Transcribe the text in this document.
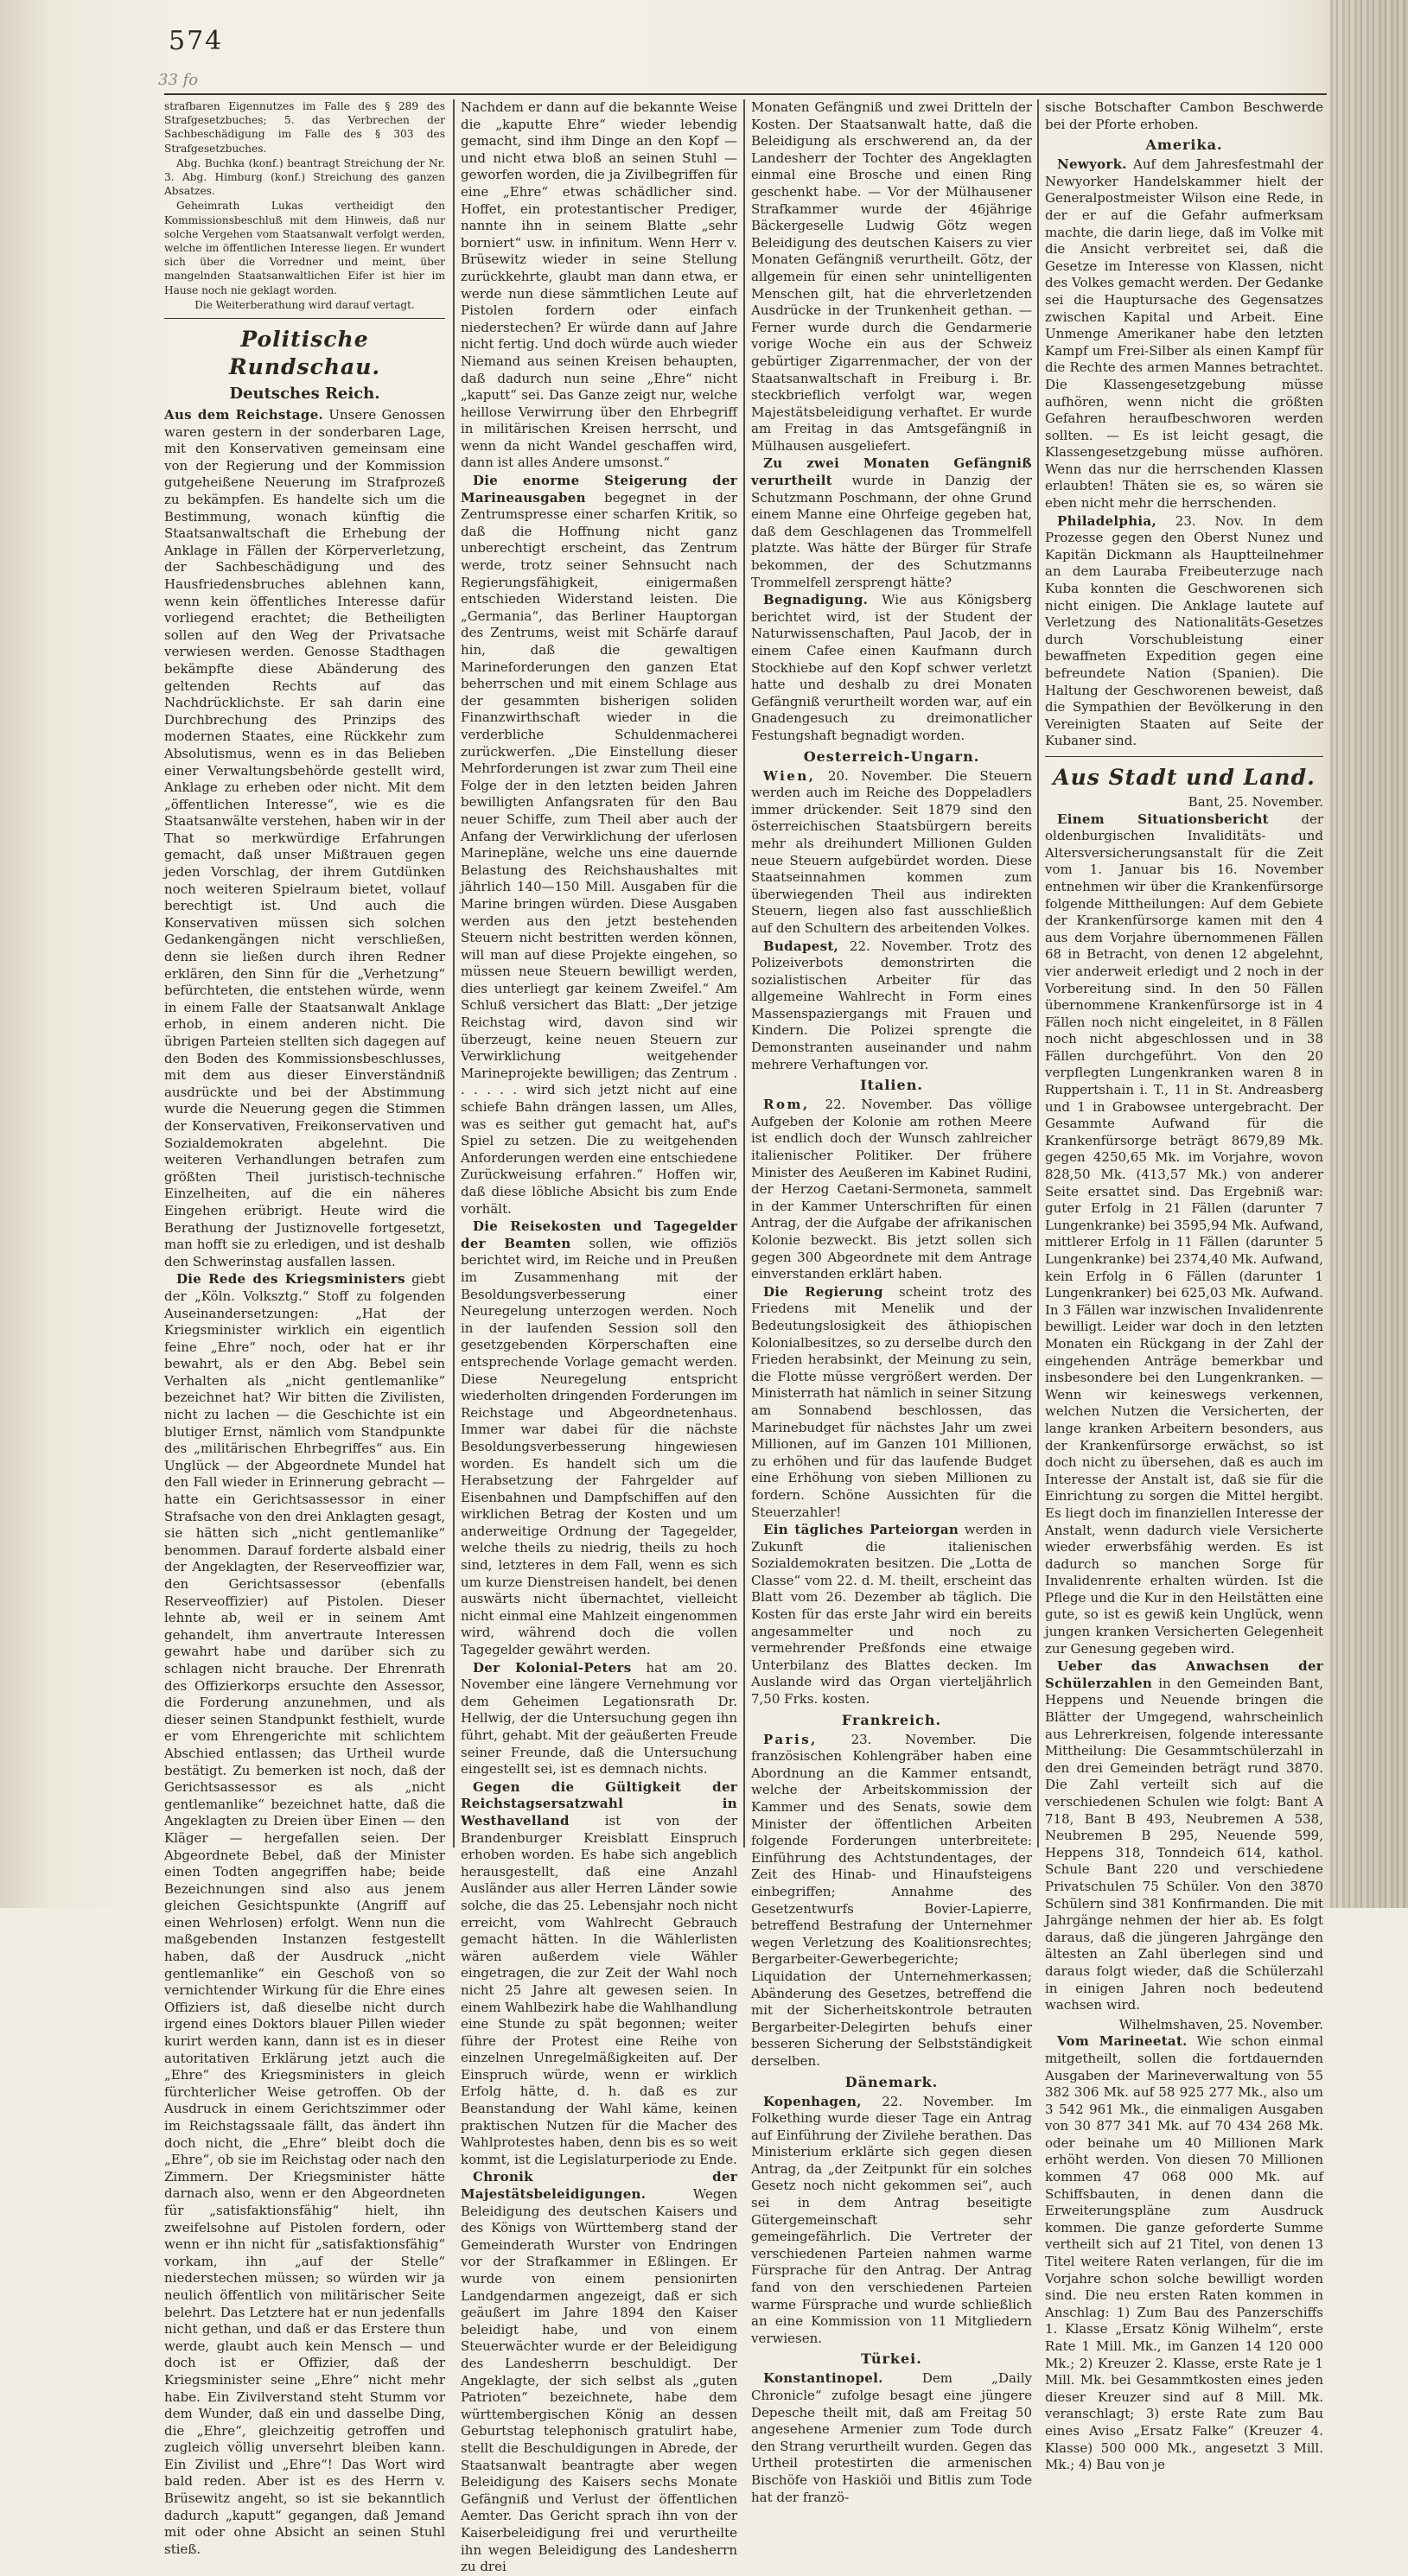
574
33 fo

strafbaren Eigennutzes im Falle des § 289 des Strafgesetzbuches; 5. das Verbrechen der Sachbeschädigung im Falle des § 303 des Strafgesetzbuches.

Abg. Buchka (konf.) beantragt Streichung der Nr. 3. Abg. Himburg (konf.) Streichung des ganzen Absatzes.

Geheimrath Lukas vertheidigt den Kommissionsbeschluß mit dem Hinweis, daß nur solche Vergehen vom Staatsanwalt verfolgt werden, welche im öffentlichen Interesse liegen. Er wundert sich über die Vorredner und meint, über mangelnden Staatsanwaltlichen Eifer ist hier im Hause noch nie geklagt worden.

Die Weiterberathung wird darauf vertagt.
Politische Rundschau.
Deutsches Reich.

Aus dem Reichstage. Unsere Genossen waren gestern in der sonderbaren Lage, mit den Konservativen gemeinsam eine von der Regierung und der Kommission gutgeheißene Neuerung im Strafprozeß zu bekämpfen. Es handelte sich um die Bestimmung, wonach künftig die Staatsanwaltschaft die Erhebung der Anklage in Fällen der Körperverletzung, der Sachbeschädigung und des Hausfriedensbruches ablehnen kann, wenn kein öffentliches Interesse dafür vorliegend erachtet; die Betheiligten sollen auf den Weg der Privatsache verwiesen werden. Genosse Stadthagen bekämpfte diese Abänderung des geltenden Rechts auf das Nachdrücklichste. Er sah darin eine Durchbrechung des Prinzips des modernen Staates, eine Rückkehr zum Absolutismus, wenn es in das Belieben einer Verwaltungsbehörde gestellt wird, Anklage zu erheben oder nicht. Mit dem „öffentlichen Interesse“, wie es die Staatsanwälte verstehen, haben wir in der That so merkwürdige Erfahrungen gemacht, daß unser Mißtrauen gegen jeden Vorschlag, der ihrem Gutdünken noch weiteren Spielraum bietet, vollauf berechtigt ist. Und auch die Konservativen müssen sich solchen Gedankengängen nicht verschließen, denn sie ließen durch ihren Redner erklären, den Sinn für die „Verhetzung“ befürchteten, die entstehen würde, wenn in einem Falle der Staatsanwalt Anklage erhob, in einem anderen nicht. Die übrigen Parteien stellten sich dagegen auf den Boden des Kommissionsbeschlusses, mit dem aus dieser Einverständniß ausdrückte und bei der Abstimmung wurde die Neuerung gegen die Stimmen der Konservativen, Freikonservativen und Sozialdemokraten abgelehnt. Die weiteren Verhandlungen betrafen zum größten Theil juristisch-technische Einzelheiten, auf die ein näheres Eingehen erübrigt. Heute wird die Berathung der Justiznovelle fortgesetzt, man hofft sie zu erledigen, und ist deshalb den Schwerinstag ausfallen lassen.

Die Rede des Kriegsministers giebt der „Köln. Volksztg.“ Stoff zu folgenden Auseinandersetzungen: „Hat der Kriegsminister wirklich ein eigentlich feine „Ehre“ noch, oder hat er ihr bewahrt, als er den Abg. Bebel sein Verhalten als „nicht gentlemanlike“ bezeichnet hat? Wir bitten die Zivilisten, nicht zu lachen — die Geschichte ist ein blutiger Ernst, nämlich vom Standpunkte des „militärischen Ehrbegriffes“ aus. Ein Unglück — der Abgeordnete Mundel hat den Fall wieder in Erinnerung gebracht — hatte ein Gerichtsassessor in einer Strafsache von den drei Anklagten gesagt, sie hätten sich „nicht gentlemanlike“ benommen. Darauf forderte alsbald einer der Angeklagten, der Reserveoffizier war, den Gerichtsassessor (ebenfalls Reserveoffizier) auf Pistolen. Dieser lehnte ab, weil er in seinem Amt gehandelt, ihm anvertraute Interessen gewahrt habe und darüber sich zu schlagen nicht brauche. Der Ehrenrath des Offizierkorps ersuchte den Assessor, die Forderung anzunehmen, und als dieser seinen Standpunkt festhielt, wurde er vom Ehrengerichte mit schlichtem Abschied entlassen; das Urtheil wurde bestätigt. Zu bemerken ist noch, daß der Gerichtsassessor es als „nicht gentlemanlike“ bezeichnet hatte, daß die Angeklagten zu Dreien über Einen — den Kläger — hergefallen seien. Der Abgeordnete Bebel, daß der Minister einen Todten angegriffen habe; beide Bezeichnungen sind also aus jenem gleichen Gesichtspunkte (Angriff auf einen Wehrlosen) erfolgt. Wenn nun die maßgebenden Instanzen festgestellt haben, daß der Ausdruck „nicht gentlemanlike“ ein Geschoß von so vernichtender Wirkung für die Ehre eines Offiziers ist, daß dieselbe nicht durch irgend eines Doktors blauer Pillen wieder kurirt werden kann, dann ist es in dieser autoritativen Erklärung jetzt auch die „Ehre“ des Kriegsministers in gleich fürchterlicher Weise getroffen. Ob der Ausdruck in einem Gerichtszimmer oder im Reichstagssaale fällt, das ändert ihn doch nicht, die „Ehre“ bleibt doch die „Ehre“, ob sie im Reichstag oder nach den Zimmern. Der Kriegsminister hätte darnach also, wenn er den Abgeordneten für „satisfaktionsfähig“ hielt, ihn zweifelsohne auf Pistolen fordern, oder wenn er ihn nicht für „satisfaktionsfähig“ vorkam, ihn „auf der Stelle“ niederstechen müssen; so würden wir ja neulich öffentlich von militärischer Seite belehrt. Das Letztere hat er nun jedenfalls nicht gethan, und daß er das Erstere thun werde, glaubt auch kein Mensch — und doch ist er Offizier, daß der Kriegsminister seine „Ehre“ nicht mehr habe. Ein Zivilverstand steht Stumm vor dem Wunder, daß ein und dasselbe Ding, die „Ehre“, gleichzeitig getroffen und zugleich völlig unversehrt bleiben kann. Ein Zivilist und „Ehre“! Das Wort wird bald reden. Aber ist es des Herrn v. Brüsewitz angeht, so ist sie bekanntlich dadurch „kaputt“ gegangen, daß Jemand mit oder ohne Absicht an seinen Stuhl stieß.

Nachdem er dann auf die bekannte Weise die „kaputte Ehre“ wieder lebendig gemacht, sind ihm Dinge an den Kopf — und nicht etwa bloß an seinen Stuhl — geworfen worden, die ja Zivilbegriffen für eine „Ehre“ etwas schädlicher sind. Hoffet, ein protestantischer Prediger, nannte ihn in seinem Blatte „sehr borniert“ usw. in infinitum. Wenn Herr v. Brüsewitz wieder in seine Stellung zurückkehrte, glaubt man dann etwa, er werde nun diese sämmtlichen Leute auf Pistolen fordern oder einfach niederstechen? Er würde dann auf Jahre nicht fertig. Und doch würde auch wieder Niemand aus seinen Kreisen behaupten, daß dadurch nun seine „Ehre“ nicht „kaputt“ sei. Das Ganze zeigt nur, welche heillose Verwirrung über den Ehrbegriff in militärischen Kreisen herrscht, und wenn da nicht Wandel geschaffen wird, dann ist alles Andere umsonst.“

Die enorme Steigerung der Marineausgaben begegnet in der Zentrumspresse einer scharfen Kritik, so daß die Hoffnung nicht ganz unberechtigt erscheint, das Zentrum werde, trotz seiner Sehnsucht nach Regierungsfähigkeit, einigermaßen entschieden Widerstand leisten. Die „Germania“, das Berliner Hauptorgan des Zentrums, weist mit Schärfe darauf hin, daß die gewaltigen Marineforderungen den ganzen Etat beherrschen und mit einem Schlage aus der gesammten bisherigen soliden Finanzwirthschaft wieder in die verderbliche Schuldenmacherei zurückwerfen. „Die Einstellung dieser Mehrforderungen ist zwar zum Theil eine Folge der in den letzten beiden Jahren bewilligten Anfangsraten für den Bau neuer Schiffe, zum Theil aber auch der Anfang der Verwirklichung der uferlosen Marinepläne, welche uns eine dauernde Belastung des Reichshaushaltes mit jährlich 140—150 Mill. Ausgaben für die Marine bringen würden. Diese Ausgaben werden aus den jetzt bestehenden Steuern nicht bestritten werden können, will man auf diese Projekte eingehen, so müssen neue Steuern bewilligt werden, dies unterliegt gar keinem Zweifel.“ Am Schluß versichert das Blatt: „Der jetzige Reichstag wird, davon sind wir überzeugt, keine neuen Steuern zur Verwirklichung weitgehender Marineprojekte bewilligen; das Zentrum . . . . . . wird sich jetzt nicht auf eine schiefe Bahn drängen lassen, um Alles, was es seither gut gemacht hat, auf's Spiel zu setzen. Die zu weitgehenden Anforderungen werden eine entschiedene Zurückweisung erfahren.“ Hoffen wir, daß diese löbliche Absicht bis zum Ende vorhält.

Die Reisekosten und Tagegelder der Beamten sollen, wie offiziös berichtet wird, im Reiche und in Preußen im Zusammenhang mit der Besoldungsverbesserung einer Neuregelung unterzogen werden. Noch in der laufenden Session soll den gesetzgebenden Körperschaften eine entsprechende Vorlage gemacht werden. Diese Neuregelung entspricht wiederholten dringenden Forderungen im Reichstage und Abgeordnetenhaus. Immer war dabei für die nächste Besoldungsverbesserung hingewiesen worden. Es handelt sich um die Herabsetzung der Fahrgelder auf Eisenbahnen und Dampfschiffen auf den wirklichen Betrag der Kosten und um anderweitige Ordnung der Tagegelder, welche theils zu niedrig, theils zu hoch sind, letzteres in dem Fall, wenn es sich um kurze Dienstreisen handelt, bei denen auswärts nicht übernachtet, vielleicht nicht einmal eine Mahlzeit eingenommen wird, während doch die vollen Tagegelder gewährt werden.

Der Kolonial-Peters hat am 20. November eine längere Vernehmung vor dem Geheimen Legationsrath Dr. Hellwig, der die Untersuchung gegen ihn führt, gehabt. Mit der geäußerten Freude seiner Freunde, daß die Untersuchung eingestellt sei, ist es demnach nichts.

Gegen die Gültigkeit der Reichstagsersatzwahl in Westhavelland	ist von der Brandenburger Kreisblatt Einspruch erhoben worden. Es habe sich angeblich herausgestellt, daß eine Anzahl Ausländer aus aller Herren Länder sowie solche, die das 25. Lebensjahr noch nicht erreicht, vom Wahlrecht Gebrauch gemacht hätten. In die Wählerlisten wären außerdem viele Wähler eingetragen, die zur Zeit der Wahl noch nicht 25 Jahre alt gewesen seien. In einem Wahlbezirk habe die Wahlhandlung eine Stunde zu spät begonnen; weiter führe der Protest eine Reihe von einzelnen Unregelmäßigkeiten auf. Der Einspruch würde, wenn er wirklich Erfolg hätte, d. h. daß es zur Beanstandung der Wahl käme, keinen praktischen Nutzen für die Macher des Wahlprotestes haben, denn bis es so weit kommt, ist die Legislaturperiode zu Ende.

Chronik der Majestätsbeleidigungen.	Wegen Beleidigung des deutschen Kaisers und des Königs von Württemberg stand der Gemeinderath Wurster von Endringen vor der Strafkammer in Eßlingen. Er wurde von einem pensionirten Landgendarmen angezeigt, daß er sich geäußert im Jahre 1894 den Kaiser beleidigt habe, und von einem Steuerwächter wurde er der Beleidigung des Landesherrn beschuldigt. Der Angeklagte, der sich selbst als „guten Patrioten“ bezeichnete, habe dem württembergischen König an dessen Geburtstag telephonisch gratulirt habe, stellt die Beschuldigungen in Abrede, der Staatsanwalt beantragte aber wegen Beleidigung des Kaisers sechs Monate Gefängniß und Verlust der öffentlichen Aemter. Das Gericht sprach ihn von der Kaiserbeleidigung frei und verurtheilte ihn wegen Beleidigung des Landesherrn zu drei

Monaten Gefängniß und zwei Dritteln der Kosten. Der Staatsanwalt hatte, daß die Beleidigung als erschwerend an, da der Landesherr der Tochter des Angeklagten einmal eine Brosche und einen Ring geschenkt habe. — Vor der Mülhausener Strafkammer wurde der 46jährige Bäckergeselle Ludwig Götz wegen Beleidigung des deutschen Kaisers zu vier Monaten Gefängniß verurtheilt. Götz, der allgemein für einen sehr unintelligenten Menschen gilt, hat die ehrverletzenden Ausdrücke in der Trunkenheit gethan. — Ferner wurde durch die Gendarmerie vorige Woche ein aus der Schweiz gebürtiger Zigarrenmacher, der von der Staatsanwaltschaft in Freiburg i. Br. steckbrieflich verfolgt war, wegen Majestätsbeleidigung verhaftet. Er wurde am Freitag in das Amtsgefängniß in Mülhausen ausgeliefert.

Zu zwei Monaten Gefängniß verurtheilt wurde in Danzig der Schutzmann Poschmann, der ohne Grund einem Manne eine Ohrfeige gegeben hat, daß dem Geschlagenen das Trommelfell platzte. Was hätte der Bürger für Strafe bekommen, der des Schutzmanns Trommelfell zersprengt hätte?

Begnadigung. Wie aus Königsberg berichtet wird, ist der Student der Naturwissenschaften, Paul Jacob, der in einem Cafee einen Kaufmann durch Stockhiebe auf den Kopf schwer verletzt hatte und deshalb zu drei Monaten Gefängniß verurtheilt worden war, auf ein Gnadengesuch zu dreimonatlicher Festungshaft begnadigt worden.

Oesterreich-Ungarn.

Wien, 20. November. Die Steuern werden auch im Reiche des Doppeladlers immer drückender. Seit 1879 sind den österreichischen Staatsbürgern bereits mehr als dreihundert Millionen Gulden neue Steuern aufgebürdet worden. Diese Staatseinnahmen kommen zum überwiegenden Theil aus indirekten Steuern, liegen also fast ausschließlich auf den Schultern des arbeitenden Volkes.

Budapest, 22. November. Trotz des Polizeiverbots demonstrirten die sozialistischen Arbeiter für das allgemeine Wahlrecht in Form eines Massenspaziergangs mit Frauen und Kindern. Die Polizei sprengte die Demonstranten auseinander und nahm mehrere Verhaftungen vor.

Italien.

Rom, 22. November. Das völlige Aufgeben der Kolonie am rothen Meere ist endlich doch der Wunsch zahlreicher italienischer Politiker. Der frühere Minister des Aeußeren im Kabinet Rudini, der Herzog Caetani-Sermoneta, sammelt in der Kammer Unterschriften für einen Antrag, der die Aufgabe der afrikanischen Kolonie bezweckt. Bis jetzt sollen sich gegen 300 Abgeordnete mit dem Antrage einverstanden erklärt haben.

Die Regierung scheint trotz des Friedens mit Menelik und der Bedeutungslosigkeit des äthiopischen Kolonialbesitzes, so zu derselbe durch den Frieden herabsinkt, der Meinung zu sein, die Flotte müsse vergrößert werden. Der Ministerrath hat nämlich in seiner Sitzung am Sonnabend beschlossen, das Marinebudget für nächstes Jahr um zwei Millionen, auf im Ganzen 101 Millionen, zu erhöhen und für das laufende Budget eine Erhöhung von sieben Millionen zu fordern. Schöne Aussichten für die Steuerzahler!

Ein tägliches Parteiorgan werden in Zukunft die italienischen Sozialdemokraten besitzen. Die „Lotta de Classe“ vom 22. d. M. theilt, erscheint das Blatt vom 26. Dezember ab täglich. Die Kosten für das erste Jahr wird ein bereits angesammelter und noch zu vermehrender Preßfonds eine etwaige Unterbilanz des Blattes decken. Im Auslande wird das Organ vierteljährlich 7,50 Frks. kosten.

Frankreich.

Paris,	23. November. Die französischen Kohlengräber haben eine Abordnung an die Kammer entsandt, welche der Arbeitskommission der Kammer und des Senats, sowie dem Minister der öffentlichen Arbeiten folgende Forderungen unterbreitete: Einführung des Achtstundentages, der Zeit des Hinab- und Hinaufsteigens einbegriffen; Annahme des Gesetzentwurfs Bovier-Lapierre, betreffend Bestrafung der Unternehmer wegen Verletzung des Koalitionsrechtes; Bergarbeiter-Gewerbegerichte; Liquidation der Unternehmerkassen; Abänderung des Gesetzes, betreffend die mit der Sicherheitskontrole betrauten Bergarbeiter-Delegirten behufs einer besseren Sicherung der Selbstständigkeit derselben.

Dänemark.

Kopenhagen, 22. November. Im Folkething wurde dieser Tage ein Antrag auf Einführung der Zivilehe berathen. Das Ministerium erklärte sich gegen diesen Antrag, da „der Zeitpunkt für ein solches Gesetz noch nicht gekommen sei“, auch sei in dem Antrag beseitigte Gütergemeinschaft sehr gemeingefährlich. Die Vertreter der verschiedenen Parteien nahmen warme Fürsprache für den Antrag. Der Antrag fand von den verschiedenen Parteien warme Fürsprache und wurde schließlich an eine Kommission von 11 Mitgliedern verwiesen.

Türkei.

Konstantinopel.	Dem „Daily Chronicle“ zufolge besagt eine jüngere Depesche theilt mit, daß am Freitag 50 angesehene Armenier zum Tode durch den Strang verurtheilt wurden. Gegen das Urtheil protestirten die armenischen Bischöfe von Haskiöi und Bitlis zum Tode hat der franzö-

sische Botschafter Cambon Beschwerde bei der Pforte erhoben.

Amerika.

Newyork. Auf dem Jahresfestmahl der Newyorker Handelskammer hielt der Generalpostmeister Wilson eine Rede, in der er auf die Gefahr aufmerksam machte, die darin liege, daß im Volke mit die Ansicht verbreitet sei, daß die Gesetze im Interesse von Klassen, nicht des Volkes gemacht werden. Der Gedanke sei die Hauptursache des Gegensatzes zwischen Kapital und Arbeit. Eine Unmenge Amerikaner habe den letzten Kampf um Frei-Silber als einen Kampf für die Rechte des armen Mannes betrachtet. Die Klassengesetzgebung müsse aufhören, wenn nicht die größten Gefahren heraufbeschworen werden sollten. — Es ist leicht gesagt, die Klassengesetzgebung müsse aufhören. Wenn das nur die herrschenden Klassen erlaubten! Thäten sie es, so wären sie eben nicht mehr die herrschenden.

Philadelphia, 23. Nov. In dem Prozesse gegen den Oberst Nunez und Kapitän Dickmann als Hauptteilnehmer an dem Lauraba Freibeuterzuge nach Kuba konnten die Geschworenen sich nicht einigen. Die Anklage lautete auf Verletzung des Nationalitäts-Gesetzes durch Vorschubleistung einer bewaffneten Expedition gegen eine befreundete Nation (Spanien). Die Haltung der Geschworenen beweist, daß die Sympathien der Bevölkerung in den Vereinigten Staaten auf Seite der Kubaner sind.

Aus Stadt und Land.
Bant, 25. November.

Einem Situationsbericht der oldenburgischen Invaliditäts- und Altersversicherungsanstalt für die Zeit vom 1. Januar bis 16. November entnehmen wir über die Krankenfürsorge folgende Mittheilungen: Auf dem Gebiete der Krankenfürsorge kamen mit den 4 aus dem Vorjahre übernommenen Fällen 68 in Betracht, von denen 12 abgelehnt, vier anderweit erledigt und 2 noch in der Vorbereitung sind. In den 50 Fällen übernommene Krankenfürsorge ist in 4 Fällen noch nicht eingeleitet, in 8 Fällen noch nicht abgeschlossen und in 38 Fällen durchgeführt. Von den 20 verpflegten Lungenkranken waren 8 in Ruppertshain i. T., 11 in St. Andreasberg und 1 in Grabowsee untergebracht. Der Gesammte Aufwand für die Krankenfürsorge beträgt 8679,89 Mk. gegen 4250,65 Mk. im Vorjahre, wovon 828,50 Mk. (413,57 Mk.) von anderer Seite ersattet sind. Das Ergebniß war: guter Erfolg in 21 Fällen (darunter 7 Lungenkranke) bei 3595,94 Mk. Aufwand, mittlerer Erfolg in 11 Fällen (darunter 5 Lungenkranke) bei 2374,40 Mk. Aufwand, kein Erfolg in 6 Fällen (darunter 1 Lungenkranker) bei 625,03 Mk. Aufwand. In 3 Fällen war inzwischen Invalidenrente bewilligt. Leider war doch in den letzten Monaten ein Rückgang in der Zahl der eingehenden Anträge bemerkbar und insbesondere bei den Lungenkranken. — Wenn wir keineswegs verkennen, welchen Nutzen die Versicherten, der lange kranken Arbeitern besonders, aus der Krankenfürsorge erwächst, so ist doch nicht zu übersehen, daß es auch im Interesse der Anstalt ist, daß sie für die Einrichtung zu sorgen die Mittel hergibt. Es liegt doch im finanziellen Interesse der Anstalt, wenn dadurch viele Versicherte wieder erwerbsfähig werden. Es ist dadurch so manchen Sorge für Invalidenrente erhalten würden. Ist die Pflege und die Kur in den Heilstätten eine gute, so ist es gewiß kein Unglück, wenn jungen kranken Versicherten Gelegenheit zur Genesung gegeben wird.

Ueber das Anwachsen der Schülerzahlen in den Gemeinden Bant, Heppens und Neuende bringen die Blätter der Umgegend, wahrscheinlich aus Lehrerkreisen, folgende interessante Mittheilung: Die Gesammtschülerzahl in den drei Gemeinden beträgt rund 3870. Die Zahl verteilt sich auf die verschiedenen Schulen wie folgt: Bant A 718, Bant B 493, Neubremen A 538, Neubremen B 295, Neuende 599, Heppens 318, Tonndeich 614, kathol. Schule Bant 220 und verschiedene Privatschulen 75 Schüler. Von den 3870 Schülern sind 381 Konfirmanden. Die mit Jahrgänge nehmen der hier ab. Es folgt daraus, daß die jüngeren Jahrgänge den ältesten an Zahl überlegen sind und daraus folgt wieder, daß die Schülerzahl in einigen Jahren noch bedeutend wachsen wird.

Wilhelmshaven, 25. November.

Vom Marineetat. Wie schon einmal mitgetheilt, sollen die fortdauernden Ausgaben der Marineverwaltung von 55 382 306 Mk. auf 58 925 277 Mk., also um 3 542 961 Mk., die einmaligen Ausgaben von 30 877 341 Mk. auf 70 434 268 Mk. oder beinahe um 40 Millionen Mark erhöht werden. Von diesen 70 Millionen kommen 47 068 000 Mk. auf Schiffsbauten, in denen dann die Erweiterungspläne zum Ausdruck kommen. Die ganze geforderte Summe vertheilt sich auf 21 Titel, von denen 13 Titel weitere Raten verlangen, für die im Vorjahre schon solche bewilligt worden sind. Die neu ersten Raten kommen in Anschlag: 1) Zum Bau des Panzerschiffs 1. Klasse „Ersatz König Wilhelm“, erste Rate 1 Mill. Mk., im Ganzen 14 120 000 Mk.; 2) Kreuzer 2. Klasse, erste Rate je 1 Mill. Mk. bei Gesammtkosten eines jeden dieser Kreuzer sind auf 8 Mill. Mk. veranschlagt; 3) erste Rate zum Bau eines Aviso „Ersatz Falke“ (Kreuzer 4. Klasse) 500 000 Mk., angesetzt 3 Mill. Mk.; 4) Bau von je
